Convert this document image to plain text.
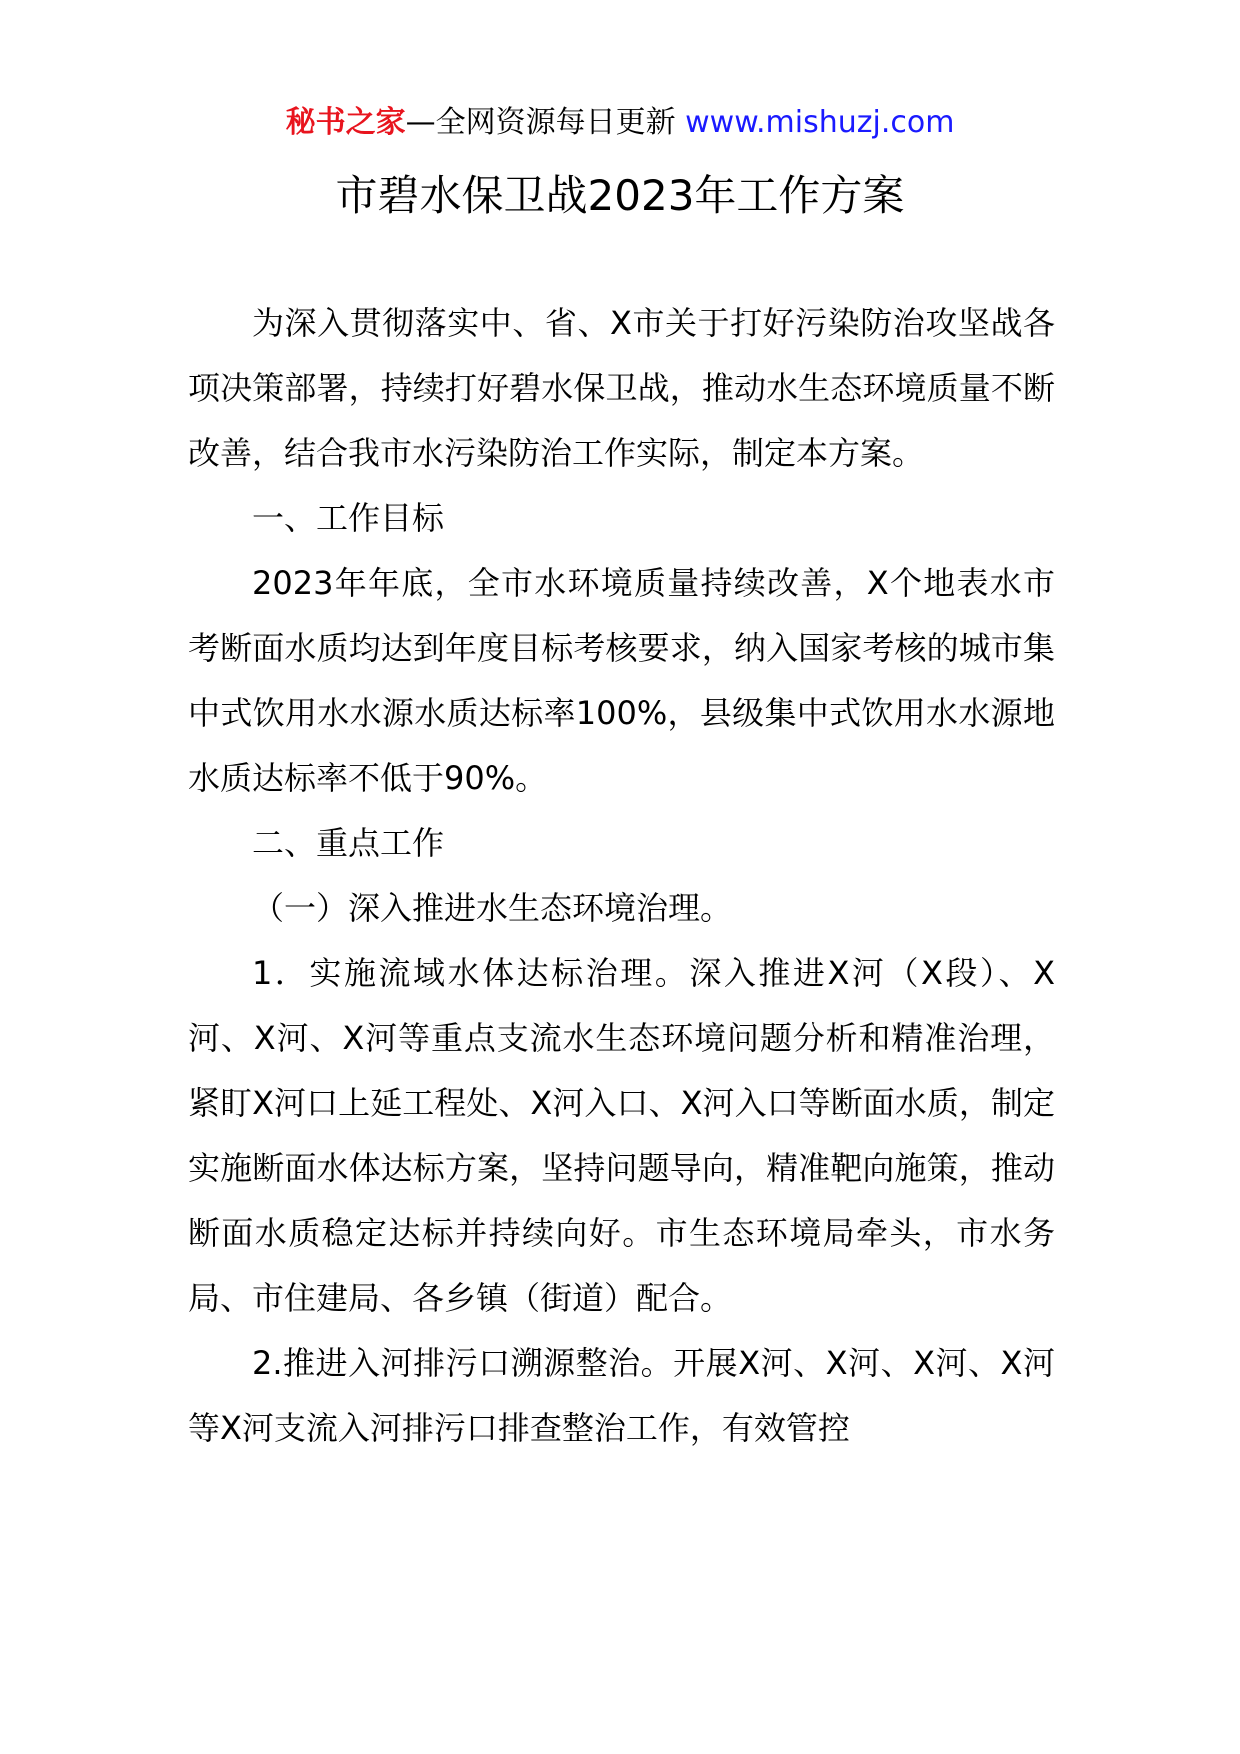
秘书之家—全网资源每日更新 www.mishuzj.com
市碧水保卫战2023年工作方案

为深入贯彻落实中、省、X市关于打好污染防治攻坚战各项决策部署，持续打好碧水保卫战，推动水生态环境质量不断改善，结合我市水污染防治工作实际，制定本方案。

一、工作目标

2023年年底，全市水环境质量持续改善，X个地表水市考断面水质均达到年度目标考核要求，纳入国家考核的城市集中式饮用水水源水质达标率100%，县级集中式饮用水水源地水质达标率不低于90%。

二、重点工作

（一）深入推进水生态环境治理。

1．实施流域水体达标治理。深入推进X河（X段）、X河、X河、X河等重点支流水生态环境问题分析和精准治理，紧盯X河口上延工程处、X河入口、X河入口等断面水质，制定实施断面水体达标方案，坚持问题导向，精准靶向施策，推动断面水质稳定达标并持续向好。市生态环境局牵头，市水务局、市住建局、各乡镇（街道）配合。

2.推进入河排污口溯源整治。开展X河、X河、X河、X河等X河支流入河排污口排查整治工作，有效管控
